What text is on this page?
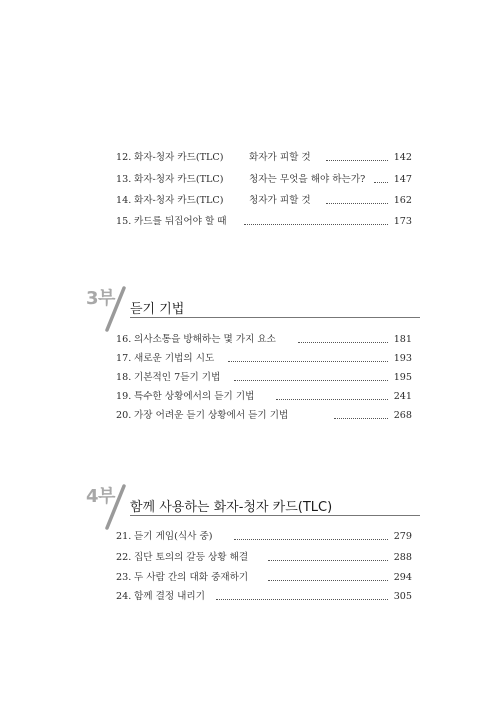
12. 화자-청자 카드(TLC)	화자가 피할 것	142
13. 화자-청자 카드(TLC)	청자는 무엇을 해야 하는가?	147
14. 화자-청자 카드(TLC)	청자가 피할 것	162
15. 카드를 뒤집어야 할 때	173
3부
듣기 기법
16. 의사소통을 방해하는 몇 가지 요소	181
17. 새로운 기법의 시도	193
18. 기본적인 7듣기 기법	195
19. 특수한 상황에서의 듣기 기법	241
20. 가장 어려운 듣기 상황에서 듣기 기법	268
4부
함께 사용하는 화자-청자 카드(TLC)
21. 듣기 게임(식사 중)	279
22. 집단 토의의 갈등 상황 해결	288
23. 두 사람 간의 대화 중재하기	294
24. 함께 결정 내리기	305
